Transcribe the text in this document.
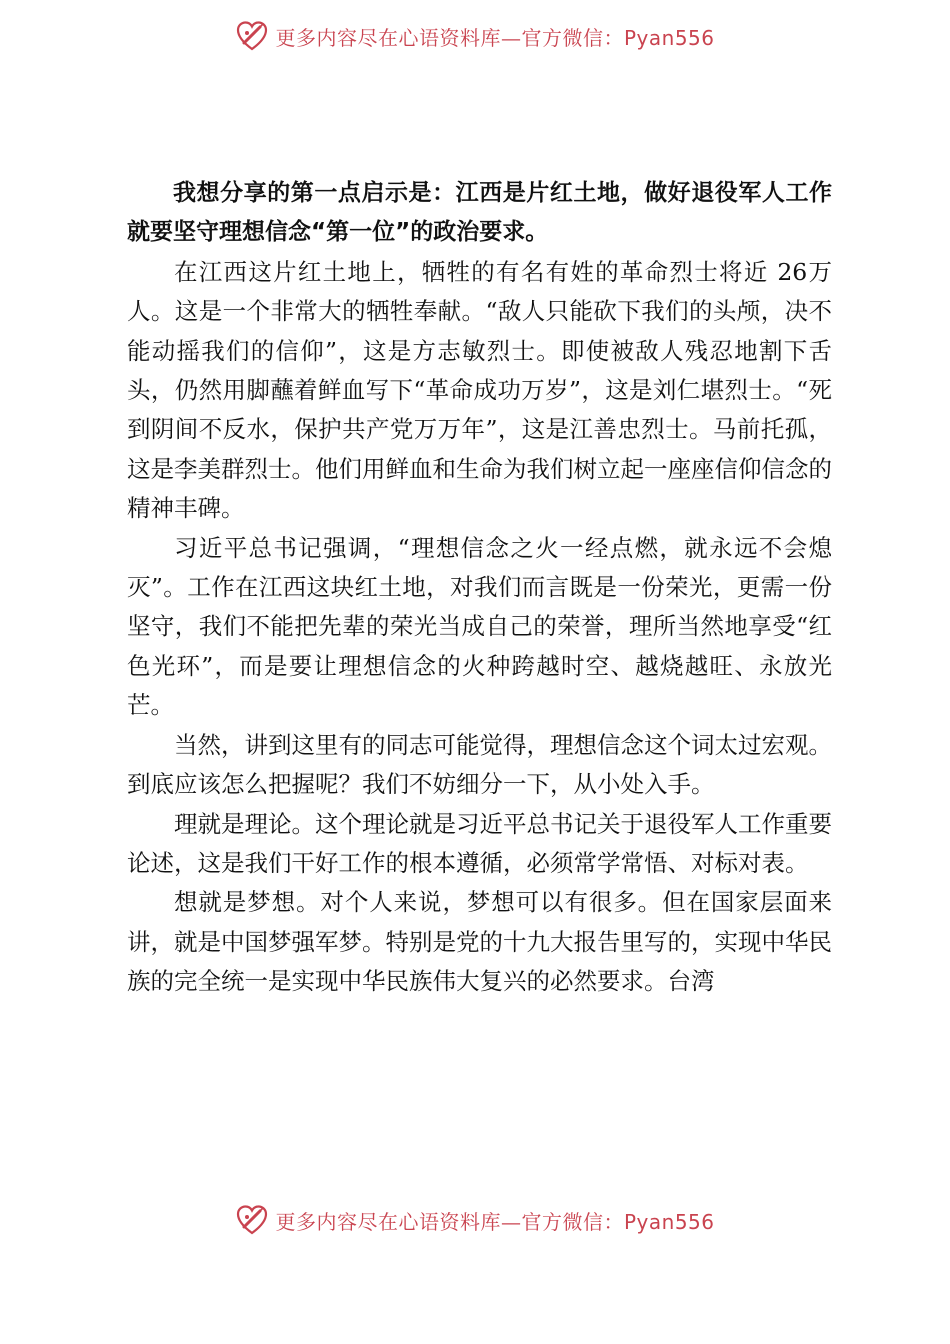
更多内容尽在心语资料库—官方微信：Pyan556

我想分享的第一点启示是：江西是片红土地，做好退役军人工作就要坚守理想信念“第一位”的政治要求。

在江西这片红土地上，牺牲的有名有姓的革命烈士将近 26万人。这是一个非常大的牺牲奉献。“敌人只能砍下我们的头颅，决不能动摇我们的信仰”，这是方志敏烈士。即使被敌人残忍地割下舌头，仍然用脚蘸着鲜血写下“革命成功万岁”，这是刘仁堪烈士。“死到阴间不反水，保护共产党万万年”，这是江善忠烈士。马前托孤，这是李美群烈士。他们用鲜血和生命为我们树立起一座座信仰信念的精神丰碑。

习近平总书记强调，“理想信念之火一经点燃，就永远不会熄灭”。工作在江西这块红土地，对我们而言既是一份荣光，更需一份坚守，我们不能把先辈的荣光当成自己的荣誉，理所当然地享受“红色光环”，而是要让理想信念的火种跨越时空、越烧越旺、永放光芒。

当然，讲到这里有的同志可能觉得，理想信念这个词太过宏观。到底应该怎么把握呢？我们不妨细分一下，从小处入手。

理就是理论。这个理论就是习近平总书记关于退役军人工作重要论述，这是我们干好工作的根本遵循，必须常学常悟、对标对表。

想就是梦想。对个人来说，梦想可以有很多。但在国家层面来讲，就是中国梦强军梦。特别是党的十九大报告里写的，实现中华民族的完全统一是实现中华民族伟大复兴的必然要求。台湾

更多内容尽在心语资料库—官方微信：Pyan556
